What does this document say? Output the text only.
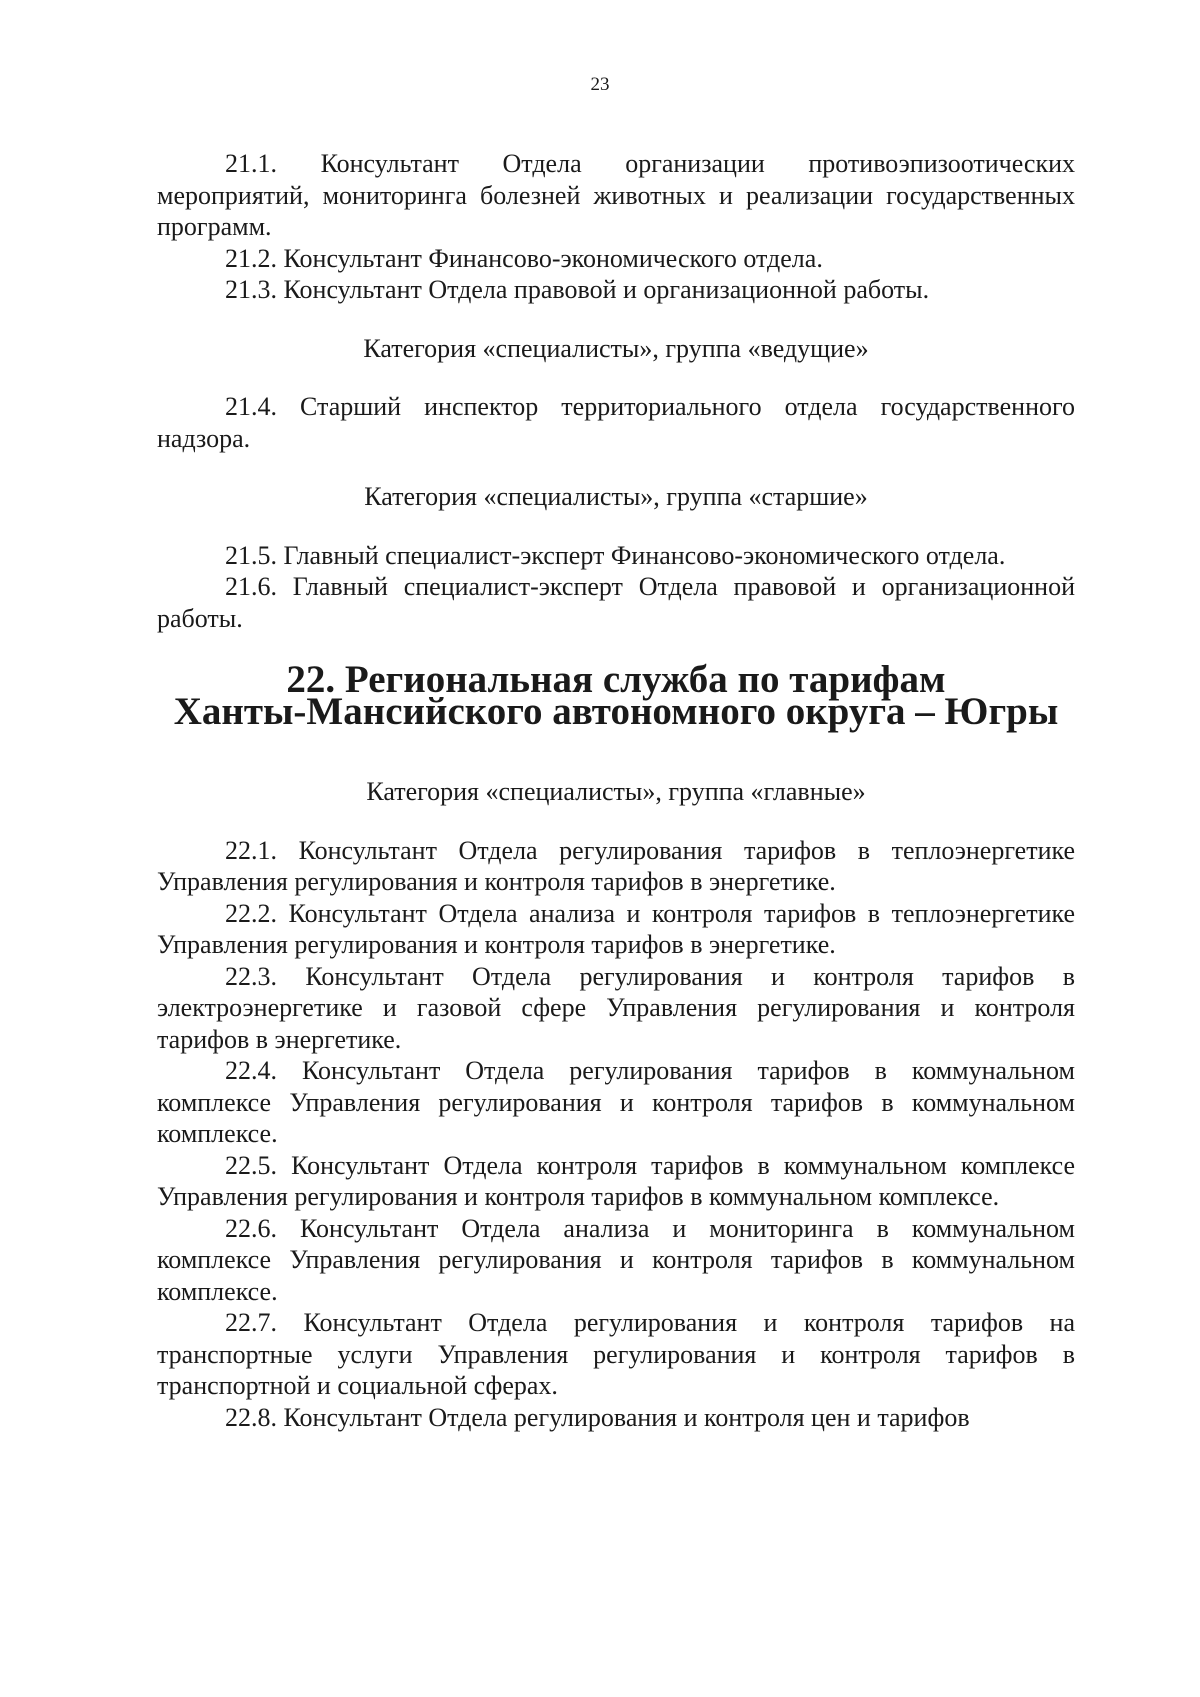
23

21.1. Консультант Отдела организации противоэпизоотических мероприятий, мониторинга болезней животных и реализации государственных программ.

21.2. Консультант Финансово-экономического отдела.

21.3. Консультант Отдела правовой и организационной работы.

Категория «специалисты», группа «ведущие»

21.4. Старший инспектор территориального отдела государственного надзора.

Категория «специалисты», группа «старшие»

21.5. Главный специалист-эксперт Финансово-экономического отдела.

21.6. Главный специалист-эксперт Отдела правовой и организационной работы.

22. Региональная служба по тарифам
Ханты-Мансийского автономного округа – Югры

Категория «специалисты», группа «главные»

22.1. Консультант Отдела регулирования тарифов в теплоэнергетике Управления регулирования и контроля тарифов в энергетике.

22.2. Консультант Отдела анализа и контроля тарифов в теплоэнергетике Управления регулирования и контроля тарифов в энергетике.

22.3. Консультант Отдела регулирования и контроля тарифов в электроэнергетике и газовой сфере Управления регулирования и контроля тарифов в энергетике.

22.4. Консультант Отдела регулирования тарифов в коммунальном комплексе Управления регулирования и контроля тарифов в коммунальном комплексе.

22.5. Консультант Отдела контроля тарифов в коммунальном комплексе Управления регулирования и контроля тарифов в коммунальном комплексе.

22.6. Консультант Отдела анализа и мониторинга в коммунальном комплексе Управления регулирования и контроля тарифов в коммунальном комплексе.

22.7. Консультант Отдела регулирования и контроля тарифов на транспортные услуги Управления регулирования и контроля тарифов в транспортной и социальной сферах.

22.8. Консультант Отдела регулирования и контроля цен и тарифов
